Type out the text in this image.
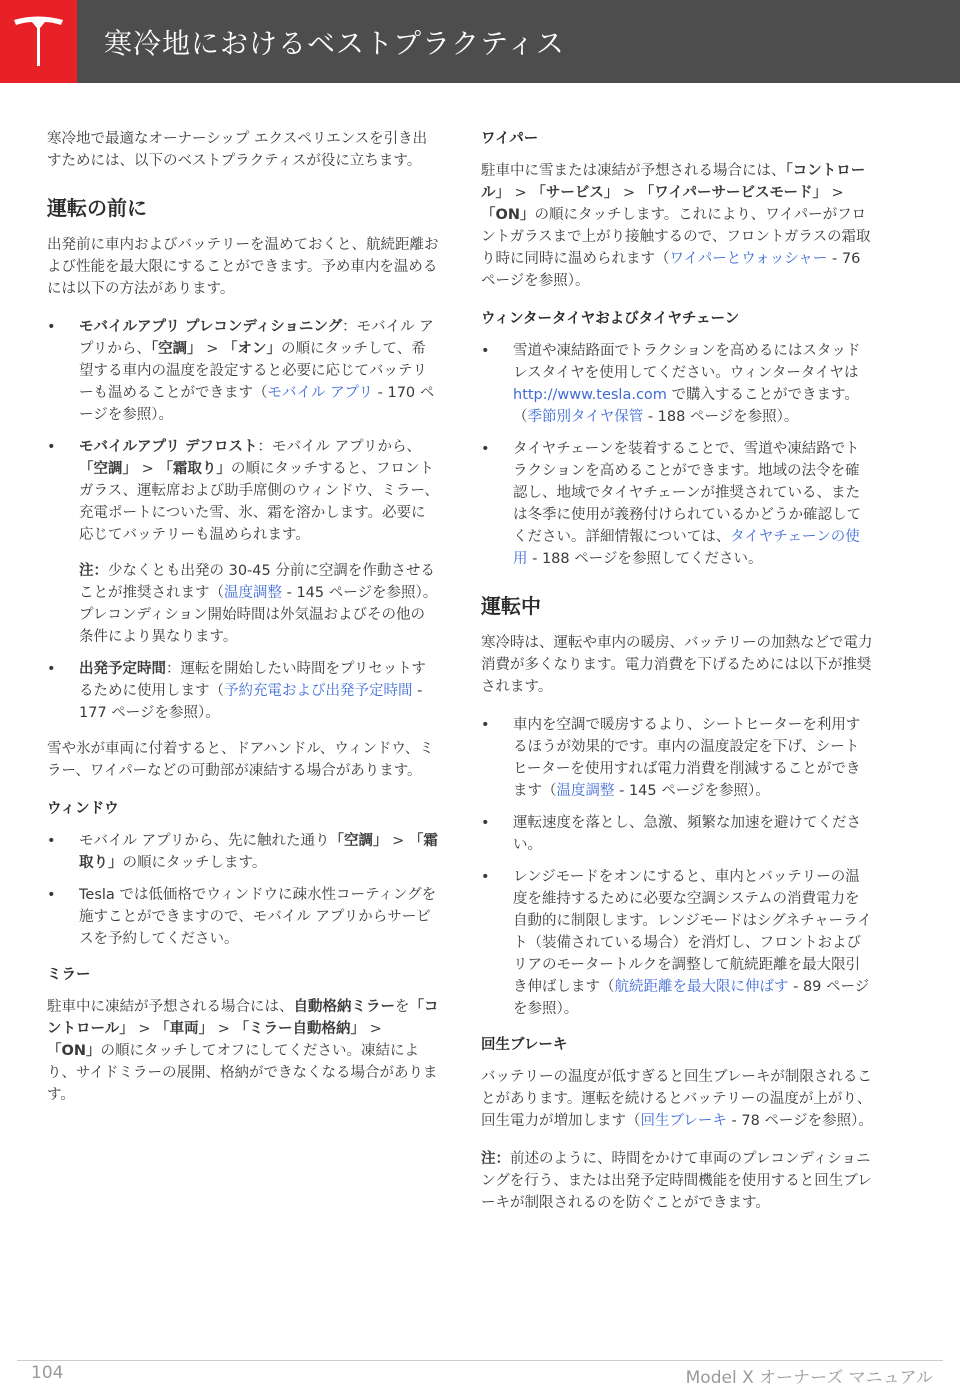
寒冷地におけるベストプラクティス

寒冷地で最適なオーナーシップ エクスペリエンスを引き出すためには、以下のベストプラクティスが役に立ちます。

運転の前に

出発前に車内およびバッテリーを温めておくと、航続距離および性能を最大限にすることができます。予め車内を温めるには以下の方法があります。

• モバイルアプリ プレコンディショニング：モバイル アプリから、「空調」 > 「オン」の順にタッチして、希望する車内の温度を設定すると必要に応じてバッテリーも温めることができます（モバイル アプリ - 170 ページを参照）。
• モバイルアプリ デフロスト：モバイル アプリから、「空調」 > 「霜取り」の順にタッチすると、フロント ガラス、運転席および助手席側のウィンドウ、ミラー、充電ポートについた雪、氷、霜を溶かします。必要に応じてバッテリーも温められます。

注：少なくとも出発の 30-45 分前に空調を作動させることが推奨されます（温度調整 - 145 ページを参照）。プレコンディション開始時間は外気温およびその他の条件により異なります。

• 出発予定時間：運転を開始したい時間をプリセットするために使用します（予約充電および出発予定時間 - 177 ページを参照）。

雪や氷が車両に付着すると、ドアハンドル、ウィンドウ、ミラー、ワイパーなどの可動部が凍結する場合があります。

ウィンドウ
• モバイル アプリから、先に触れた通り「空調」 > 「霜取り」の順にタッチします。
• Tesla では低価格でウィンドウに疎水性コーティングを施すことができますので、モバイル アプリからサービスを予約してください。
ミラー

駐車中に凍結が予想される場合には、自動格納ミラーを「コントロール」 > 「車両」 > 「ミラー自動格納」 > 「ON」の順にタッチしてオフにしてください。凍結により、サイドミラーの展開、格納ができなくなる場合があります。

ワイパー

駐車中に雪または凍結が予想される場合には、「コントロール」 > 「サービス」 > 「ワイパーサービスモード」 > 「ON」の順にタッチします。これにより、ワイパーがフロントガラスまで上がり接触するので、フロントガラスの霜取り時に同時に温められます（ワイパーとウォッシャー - 76 ページを参照）。

ウィンタータイヤおよびタイヤチェーン
• 雪道や凍結路面でトラクションを高めるにはスタッドレスタイヤを使用してください。ウィンタータイヤは http://www.tesla.com で購入することができます。（季節別タイヤ保管 - 188 ページを参照）。
• タイヤチェーンを装着することで、雪道や凍結路でトラクションを高めることができます。地域の法令を確認し、地域でタイヤチェーンが推奨されている、または冬季に使用が義務付けられているかどうか確認してください。詳細情報については、タイヤチェーンの使用 - 188 ページを参照してください。
運転中

寒冷時は、運転や車内の暖房、バッテリーの加熱などで電力消費が多くなります。電力消費を下げるためには以下が推奨されます。

• 車内を空調で暖房するより、シートヒーターを利用するほうが効果的です。車内の温度設定を下げ、シートヒーターを使用すれば電力消費を削減することができます（温度調整 - 145 ページを参照）。
• 運転速度を落とし、急激、頻繁な加速を避けてください。
• レンジモードをオンにすると、車内とバッテリーの温度を維持するために必要な空調システムの消費電力を自動的に制限します。レンジモードはシグネチャーライト（装備されている場合）を消灯し、フロントおよびリアのモータートルクを調整して航続距離を最大限引き伸ばします（航続距離を最大限に伸ばす - 89 ページを参照）。
回生ブレーキ

バッテリーの温度が低すぎると回生ブレーキが制限されることがあります。運転を続けるとバッテリーの温度が上がり、回生電力が増加します（回生ブレーキ - 78 ページを参照）。

注：前述のように、時間をかけて車両のプレコンディショニングを行う、または出発予定時間機能を使用すると回生ブレーキが制限されるのを防ぐことができます。

104	Model X オーナーズ マニュアル
